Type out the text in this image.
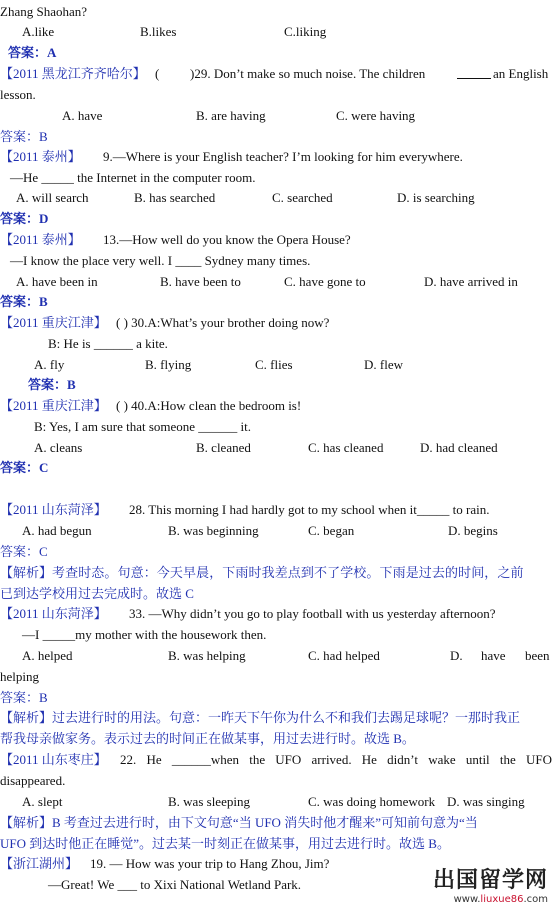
Zhang Shaohan?
A.like	B.likes	C.liking
答案：A
【2011 黑龙江齐齐哈尔】 ( )29. Don’t make so much noise. The children	an English
lesson.
A. have	B. are having	C. were having
答案：B
【2011 泰州】 9.—Where is your English teacher? I’m looking for him everywhere.
—He _____ the Internet in the computer room.
A. will search	B. has searched	C. searched	D. is searching
答案：D
【2011 泰州】 13.—How well do you know the Opera House?
—I know the place very well. I ____ Sydney many times.
A. have been in	B. have been to	C. have gone to	D. have arrived in
答案：B
【2011 重庆江津】 ( ) 30.A:What’s your brother doing now?
B: He is ______ a kite.
A. fly	B. flying	C. flies	D. flew
答案：B
【2011 重庆江津】 ( ) 40.A:How clean the bedroom is!
B: Yes, I am sure that someone ______ it.
A. cleans	B. cleaned	C. has cleaned	D. had cleaned
答案：C
【2011 山东菏泽】 28. This morning I had hardly got to my school when it_____ to rain.
A. had begun	B. was beginning	C. began	D. begins
答案：C
【解析】 考查时态。句意：今天早晨，下雨时我差点到不了学校。下雨是过去的时间，之前
已到达学校用过去完成时。故选 C
【2011 山东菏泽】 33. —Why didn’t you go to play football with us yesterday afternoon?
—I _____my mother with the housework then.
A. helped	B. was helping	C. had helped	D. have been
helping
答案：B
【解析】 过去进行时的用法。句意：一昨天下午你为什么不和我们去踢足球呢？一那时我正
帮我母亲做家务。表示过去的时间正在做某事，用过去进行时。故选 B。
【2011 山东枣庄】 22. He ______when the UFO arrived. He didn’t wake until the UFO
disappeared.
A. slept	B. was sleeping	C. was doing homework D. was singing
【解析】 B 考查过去进行时，由下文句意“当 UFO 消失时他才醒来”可知前句意为“当
UFO 到达时他正在睡觉”。过去某一时刻正在做某事，用过去进行时。故选 B。
【浙江湖州】 19. — How was your trip to Hang Zhou, Jim?
—Great! We ___ to Xixi National Wetland Park.	出国留学网
www.liuxue86.com
